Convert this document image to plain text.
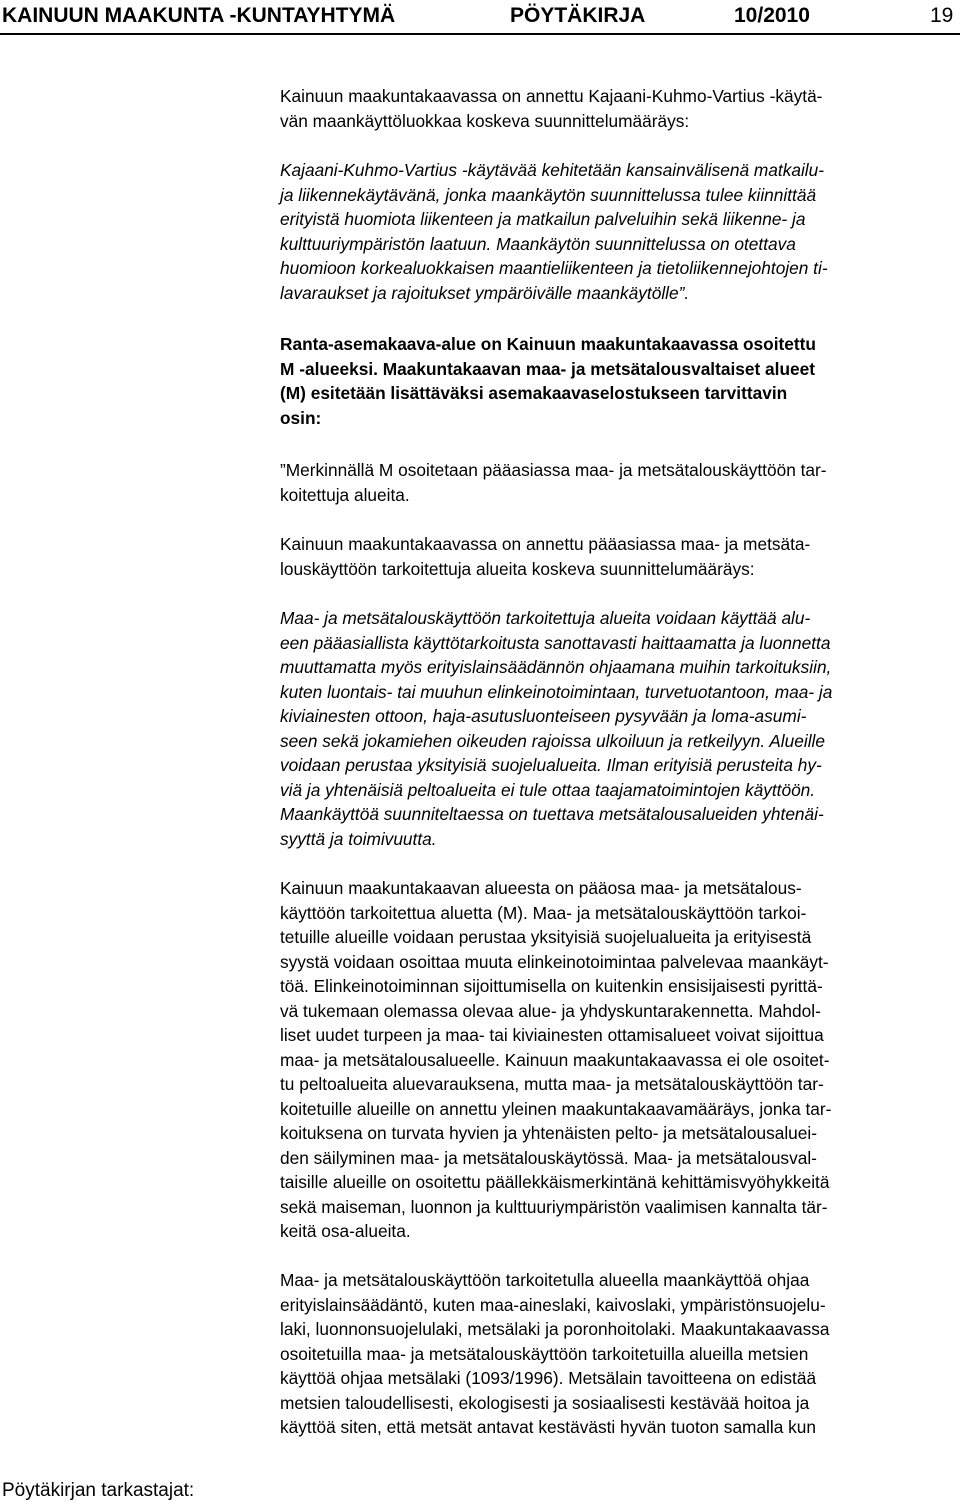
KAINUUN MAAKUNTA -KUNTAYHTYMÄ	PÖYTÄKIRJA	10/2010	19

Kainuun maakuntakaavassa on annettu Kajaani-Kuhmo-Vartius -käytä-
vän maankäyttöluokkaa koskeva suunnittelumääräys:

Kajaani-Kuhmo-Vartius -käytävää kehitetään kansainvälisenä matkailu-
ja liikennekäytävänä, jonka maankäytön suunnittelussa tulee kiinnittää
erityistä huomiota liikenteen ja matkailun palveluihin sekä liikenne- ja
kulttuuriympäristön laatuun. Maankäytön suunnittelussa on otettava
huomioon korkealuokkaisen maantieliikenteen ja tietoliikennejohtojen ti-
lavaraukset ja rajoitukset ympäröivälle maankäytölle”.

Ranta-asemakaava-alue on Kainuun maakuntakaavassa osoitettu
M -alueeksi. Maakuntakaavan maa- ja metsätalousvaltaiset alueet
(M) esitetään lisättäväksi asemakaavaselostukseen tarvittavin
osin:

”Merkinnällä M osoitetaan pääasiassa maa- ja metsätalouskäyttöön tar-
koitettuja alueita.

Kainuun maakuntakaavassa on annettu pääasiassa maa- ja metsäta-
louskäyttöön tarkoitettuja alueita koskeva suunnittelumääräys:

Maa- ja metsätalouskäyttöön tarkoitettuja alueita voidaan käyttää alu-
een pääasiallista käyttötarkoitusta sanottavasti haittaamatta ja luonnetta
muuttamatta myös erityislainsäädännön ohjaamana muihin tarkoituksiin,
kuten luontais- tai muuhun elinkeinotoimintaan, turvetuotantoon, maa- ja
kiviainesten ottoon, haja-asutusluonteiseen pysyvään ja loma-asumi-
seen sekä jokamiehen oikeuden rajoissa ulkoiluun ja retkeilyyn. Alueille
voidaan perustaa yksityisiä suojelualueita. Ilman erityisiä perusteita hy-
viä ja yhtenäisiä peltoalueita ei tule ottaa taajamatoimintojen käyttöön.
Maankäyttöä suunniteltaessa on tuettava metsätalousalueiden yhtenäi-
syyttä ja toimivuutta.

Kainuun maakuntakaavan alueesta on pääosa maa- ja metsätalous-
käyttöön tarkoitettua aluetta (M). Maa- ja metsätalouskäyttöön tarkoi-
tetuille alueille voidaan perustaa yksityisiä suojelualueita ja erityisestä
syystä voidaan osoittaa muuta elinkeinotoimintaa palvelevaa maankäyt-
töä. Elinkeinotoiminnan sijoittumisella on kuitenkin ensisijaisesti pyrittä-
vä tukemaan olemassa olevaa alue- ja yhdyskuntarakennetta. Mahdol-
liset uudet turpeen ja maa- tai kiviainesten ottamisalueet voivat sijoittua
maa- ja metsätalousalueelle. Kainuun maakuntakaavassa ei ole osoitet-
tu peltoalueita aluevarauksena, mutta maa- ja metsätalouskäyttöön tar-
koitetuille alueille on annettu yleinen maakuntakaavamääräys, jonka tar-
koituksena on turvata hyvien ja yhtenäisten pelto- ja metsätalousaluei-
den säilyminen maa- ja metsätalouskäytössä. Maa- ja metsätalousval-
taisille alueille on osoitettu päällekkäismerkintänä kehittämisvyöhykkeitä
sekä maiseman, luonnon ja kulttuuriympäristön vaalimisen kannalta tär-
keitä osa-alueita.

Maa- ja metsätalouskäyttöön tarkoitetulla alueella maankäyttöä ohjaa
erityislainsäädäntö, kuten maa-aineslaki, kaivoslaki, ympäristönsuojelu-
laki, luonnonsuojelulaki, metsälaki ja poronhoitolaki. Maakuntakaavassa
osoitetuilla maa- ja metsätalouskäyttöön tarkoitetuilla alueilla metsien
käyttöä ohjaa metsälaki (1093/1996). Metsälain tavoitteena on edistää
metsien taloudellisesti, ekologisesti ja sosiaalisesti kestävää hoitoa ja
käyttöä siten, että metsät antavat kestävästi hyvän tuoton samalla kun

Pöytäkirjan tarkastajat:
